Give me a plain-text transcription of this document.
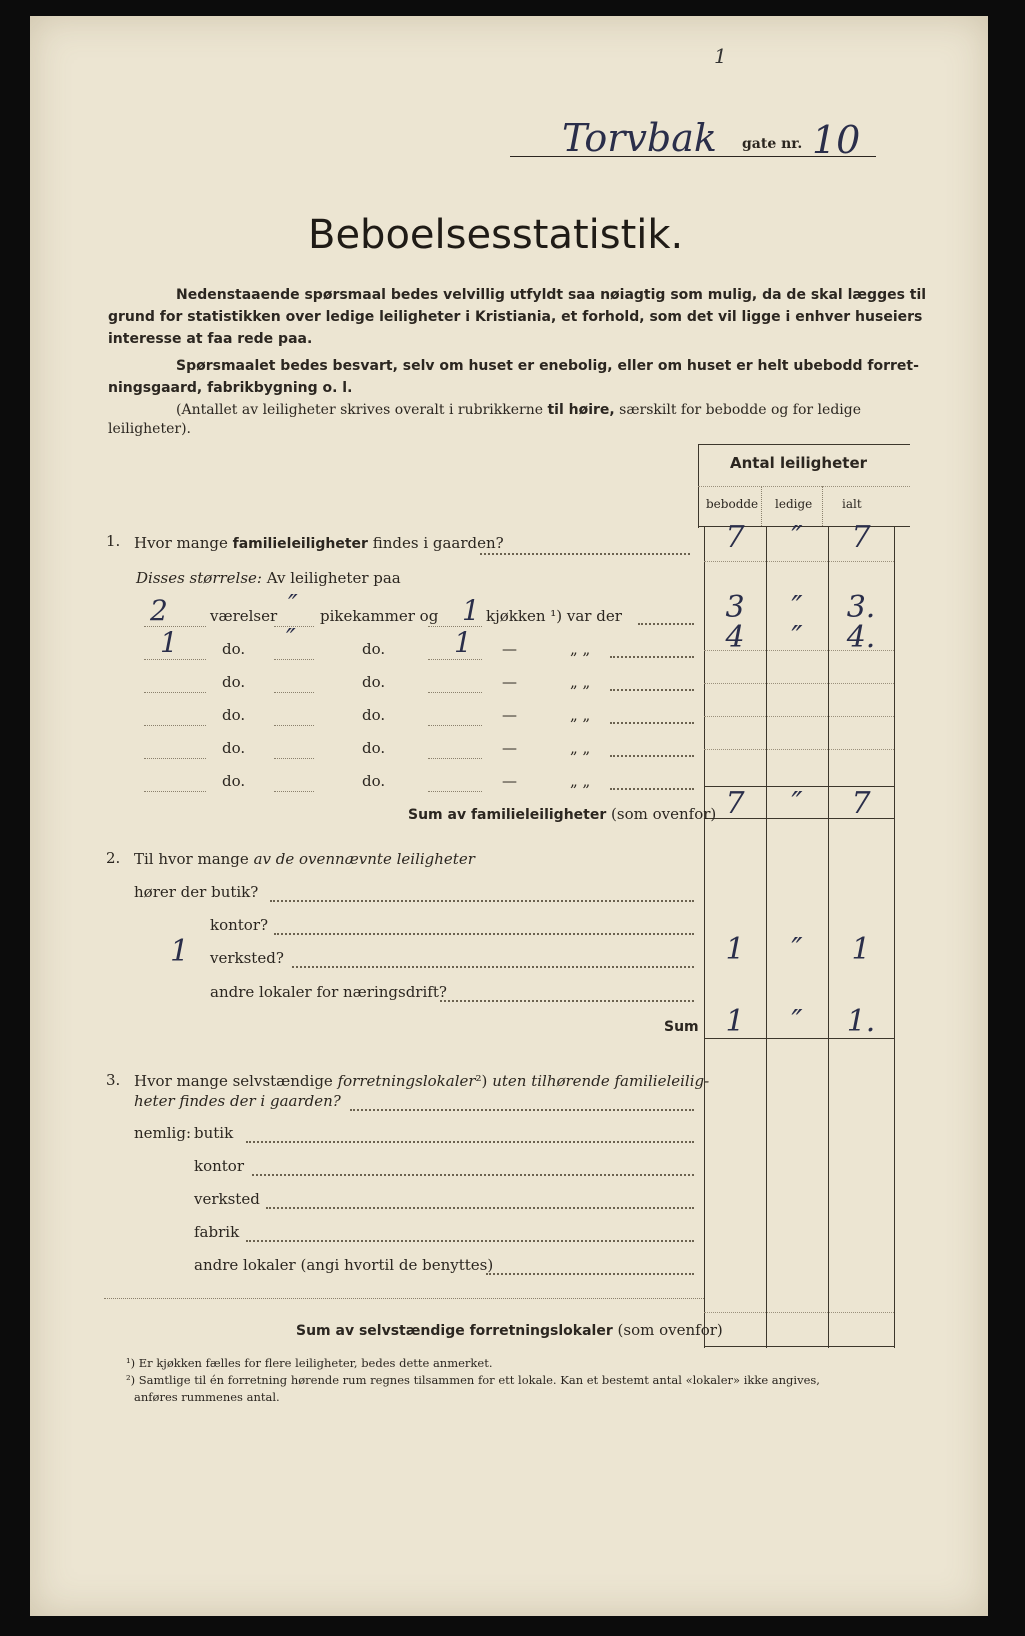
Torvbak gate nr. 10
1
Beboelsesstatistik.
Nedenstaaende spørsmaal bedes velvillig utfyldt saa nøiagtig som mulig, da de skal lægges til
grund for statistikken over ledige leiligheter i Kristiania, et forhold, som det vil ligge i enhver huseiers
interesse at faa rede paa.
Spørsmaalet bedes besvart, selv om huset er enebolig, eller om huset er helt ubebodd forret-
ningsgaard, fabrikbygning o. l.
(Antallet av leiligheter skrives overalt i rubrikkerne til høire, særskilt for bebodde og for ledige
leiligheter).
Antal leiligheter
bebodde ledige ialt
1. Hvor mange familieleiligheter findes i gaarden?	7	″	7
Disses størrelse: Av leiligheter paa
2	værelser ″ pikekammer og 1 kjøkken ¹) var der	3	″	3.
1	do. ″	do. 1 —	„ „	4	″	4.
do.	do.	—	„ „
do.	do.	—	„ „
do.	do.	—	„ „
do.	do.	—	„ „
Sum av familieleiligheter (som ovenfor) 7	″	7
2. Til hvor mange av de ovennævnte leiligheter
hører der butik?
kontor?
1 verksted?	1	″	1
andre lokaler for næringsdrift?
Sum 1	″	1.
3. Hvor mange selvstændige forretningslokaler²) uten tilhørende familieleilig-
heter findes der i gaarden?
nemlig: butik
kontor
verksted
fabrik
andre lokaler (angi hvortil de benyttes)
Sum av selvstændige forretningslokaler (som ovenfor)
¹) Er kjøkken fælles for flere leiligheter, bedes dette anmerket.
²) Samtlige til én forretning hørende rum regnes tilsammen for ett lokale. Kan et bestemt antal «lokaler» ikke angives,
anføres rummenes antal.
